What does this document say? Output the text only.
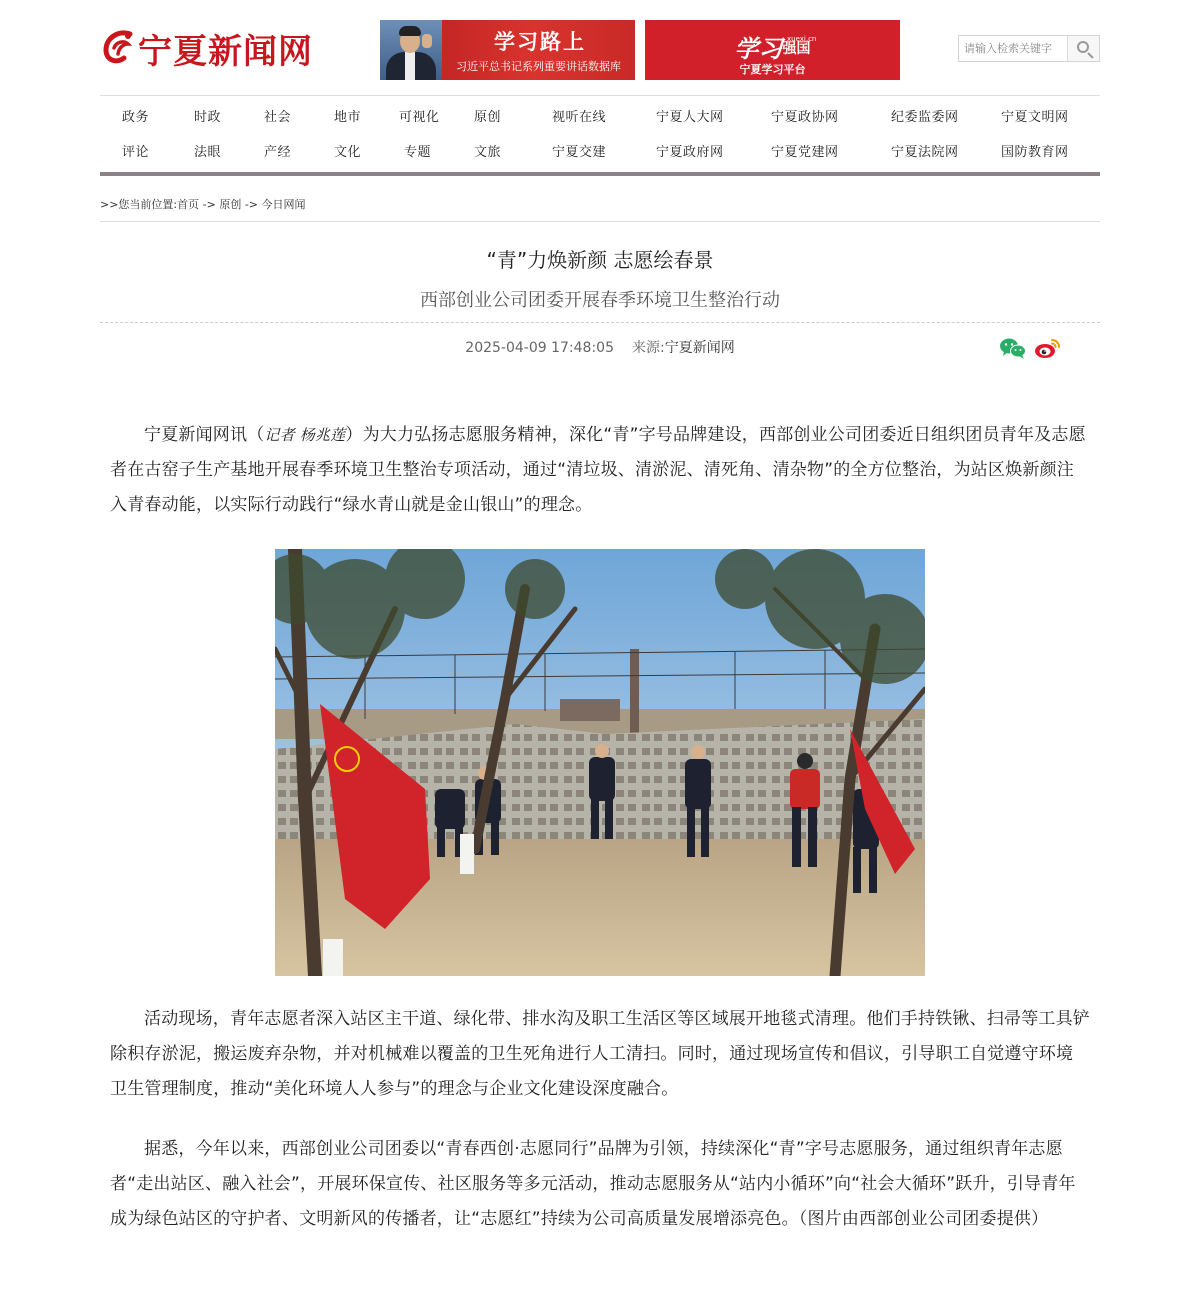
宁夏新闻网	学习路上
习近平总书记系列重要讲话数据库
学习强国
xuexi.cn
宁夏学习平台
请输入检索关键字
政务	时政	社会	地市	可视化	原创	视听在线	宁夏人大网	宁夏政协网	纪委监委网	宁夏文明网
评论	法眼	产经	文化	专题	文旅	宁夏交建	宁夏政府网	宁夏党建网	宁夏法院网	国防教育网
>>您当前位置:首页 -> 原创 -> 今日网闻
“青”力焕新颜 志愿绘春景
西部创业公司团委开展春季环境卫生整治行动
2025-04-09 17:48:05 来源:宁夏新闻网

宁夏新闻网讯（记者 杨兆莲）为大力弘扬志愿服务精神，深化“青”字号品牌建设，西部创业公司团委近日组织团员青年及志愿者在古窑子生产基地开展春季环境卫生整治专项活动，通过“清垃圾、清淤泥、清死角、清杂物”的全方位整治，为站区焕新颜注入青春动能，以实际行动践行“绿水青山就是金山银山”的理念。

活动现场，青年志愿者深入站区主干道、绿化带、排水沟及职工生活区等区域展开地毯式清理。他们手持铁锹、扫帚等工具铲除积存淤泥，搬运废弃杂物，并对机械难以覆盖的卫生死角进行人工清扫。同时，通过现场宣传和倡议，引导职工自觉遵守环境卫生管理制度，推动“美化环境人人参与”的理念与企业文化建设深度融合。

据悉，今年以来，西部创业公司团委以“青春西创·志愿同行”品牌为引领，持续深化“青”字号志愿服务，通过组织青年志愿者“走出站区、融入社会”，开展环保宣传、社区服务等多元活动，推动志愿服务从“站内小循环”向“社会大循环”跃升，引导青年成为绿色站区的守护者、文明新风的传播者，让“志愿红”持续为公司高质量发展增添亮色。（图片由西部创业公司团委提供）
